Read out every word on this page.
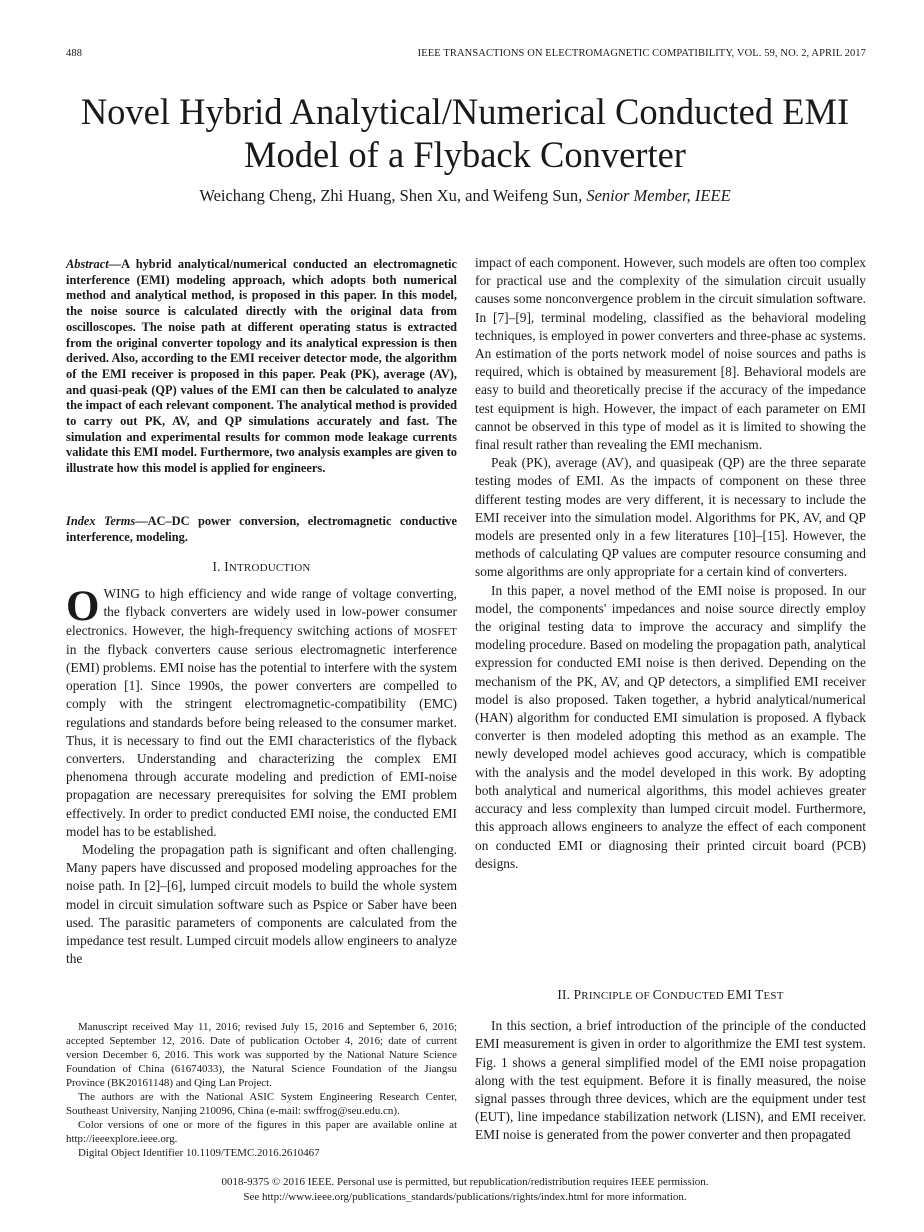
488	IEEE TRANSACTIONS ON ELECTROMAGNETIC COMPATIBILITY, VOL. 59, NO. 2, APRIL 2017
Novel Hybrid Analytical/Numerical Conducted EMI
Model of a Flyback Converter
Weichang Cheng, Zhi Huang, Shen Xu, and Weifeng Sun, Senior Member, IEEE
Abstract—A hybrid analytical/numerical conducted an electromagnetic interference (EMI) modeling approach, which adopts both numerical method and analytical method, is proposed in this paper. In this model, the noise source is calculated directly with the original data from oscilloscopes. The noise path at different operating status is extracted from the original converter topology and its analytical expression is then derived. Also, according to the EMI receiver detector mode, the algorithm of the EMI receiver is proposed in this paper. Peak (PK), average (AV), and quasi-peak (QP) values of the EMI can then be calculated to analyze the impact of each relevant component. The analytical method is provided to carry out PK, AV, and QP simulations accurately and fast. The simulation and experimental results for common mode leakage currents validate this EMI model. Furthermore, two analysis examples are given to illustrate how this model is applied for engineers.
Index Terms—AC–DC power conversion, electromagnetic conductive interference, modeling.

I. INTRODUCTION

OWING to high efficiency and wide range of voltage converting, the flyback converters are widely used in low-power consumer electronics. However, the high-frequency switching actions of MOSFET in the flyback converters cause serious electromagnetic interference (EMI) problems. EMI noise has the potential to interfere with the system operation [1]. Since 1990s, the power converters are compelled to comply with the stringent electromagnetic-compatibility (EMC) regulations and standards before being released to the consumer market. Thus, it is necessary to find out the EMI characteristics of the flyback converters. Understanding and characterizing the complex EMI phenomena through accurate modeling and prediction of EMI-noise propagation are necessary prerequisites for solving the EMI problem effectively. In order to predict conducted EMI noise, the conducted EMI model has to be established.

Modeling the propagation path is significant and often challenging. Many papers have discussed and proposed modeling approaches for the noise path. In [2]–[6], lumped circuit models to build the whole system model in circuit simulation software such as Pspice or Saber have been used. The parasitic parameters of components are calculated from the impedance test result. Lumped circuit models allow engineers to analyze the

Manuscript received May 11, 2016; revised July 15, 2016 and September 6, 2016; accepted September 12, 2016. Date of publication October 4, 2016; date of current version December 6, 2016. This work was supported by the National Nature Science Foundation of China (61674033), the Natural Science Foundation of the Jiangsu Province (BK20161148) and Qing Lan Project.

The authors are with the National ASIC System Engineering Research Center, Southeast University, Nanjing 210096, China (e-mail: swffrog@seu.edu.cn).

Color versions of one or more of the figures in this paper are available online at http://ieeexplore.ieee.org.

Digital Object Identifier 10.1109/TEMC.2016.2610467

impact of each component. However, such models are often too complex for practical use and the complexity of the simulation circuit usually causes some nonconvergence problem in the circuit simulation software. In [7]–[9], terminal modeling, classified as the behavioral modeling techniques, is employed in power converters and three-phase ac systems. An estimation of the ports network model of noise sources and paths is required, which is obtained by measurement [8]. Behavioral models are easy to build and theoretically precise if the accuracy of the impedance test equipment is high. However, the impact of each parameter on EMI cannot be observed in this type of model as it is limited to showing the final result rather than revealing the EMI mechanism.

Peak (PK), average (AV), and quasipeak (QP) are the three separate testing modes of EMI. As the impacts of component on these three different testing modes are very different, it is necessary to include the EMI receiver into the simulation model. Algorithms for PK, AV, and QP models are presented only in a few literatures [10]–[15]. However, the methods of calculating QP values are computer resource consuming and some algorithms are only appropriate for a certain kind of converters.

In this paper, a novel method of the EMI noise is proposed. In our model, the components' impedances and noise source directly employ the original testing data to improve the accuracy and simplify the modeling procedure. Based on modeling the propagation path, analytical expression for conducted EMI noise is then derived. Depending on the mechanism of the PK, AV, and QP detectors, a simplified EMI receiver model is also proposed. Taken together, a hybrid analytical/numerical (HAN) algorithm for conducted EMI simulation is proposed. A flyback converter is then modeled adopting this method as an example. The newly developed model achieves good accuracy, which is compatible with the analysis and the model developed in this work. By adopting both analytical and numerical algorithms, this model achieves greater accuracy and less complexity than lumped circuit model. Furthermore, this approach allows engineers to analyze the effect of each component on conducted EMI or diagnosing their printed circuit board (PCB) designs.

II. PRINCIPLE OF CONDUCTED EMI TEST

In this section, a brief introduction of the principle of the conducted EMI measurement is given in order to algorithmize the EMI test system. Fig. 1 shows a general simplified model of the EMI noise propagation along with the test equipment. Before it is finally measured, the noise signal passes through three devices, which are the equipment under test (EUT), line impedance stabilization network (LISN), and EMI receiver. EMI noise is generated from the power converter and then propagated

0018-9375 © 2016 IEEE. Personal use is permitted, but republication/redistribution requires IEEE permission.
See http://www.ieee.org/publications_standards/publications/rights/index.html for more information.
